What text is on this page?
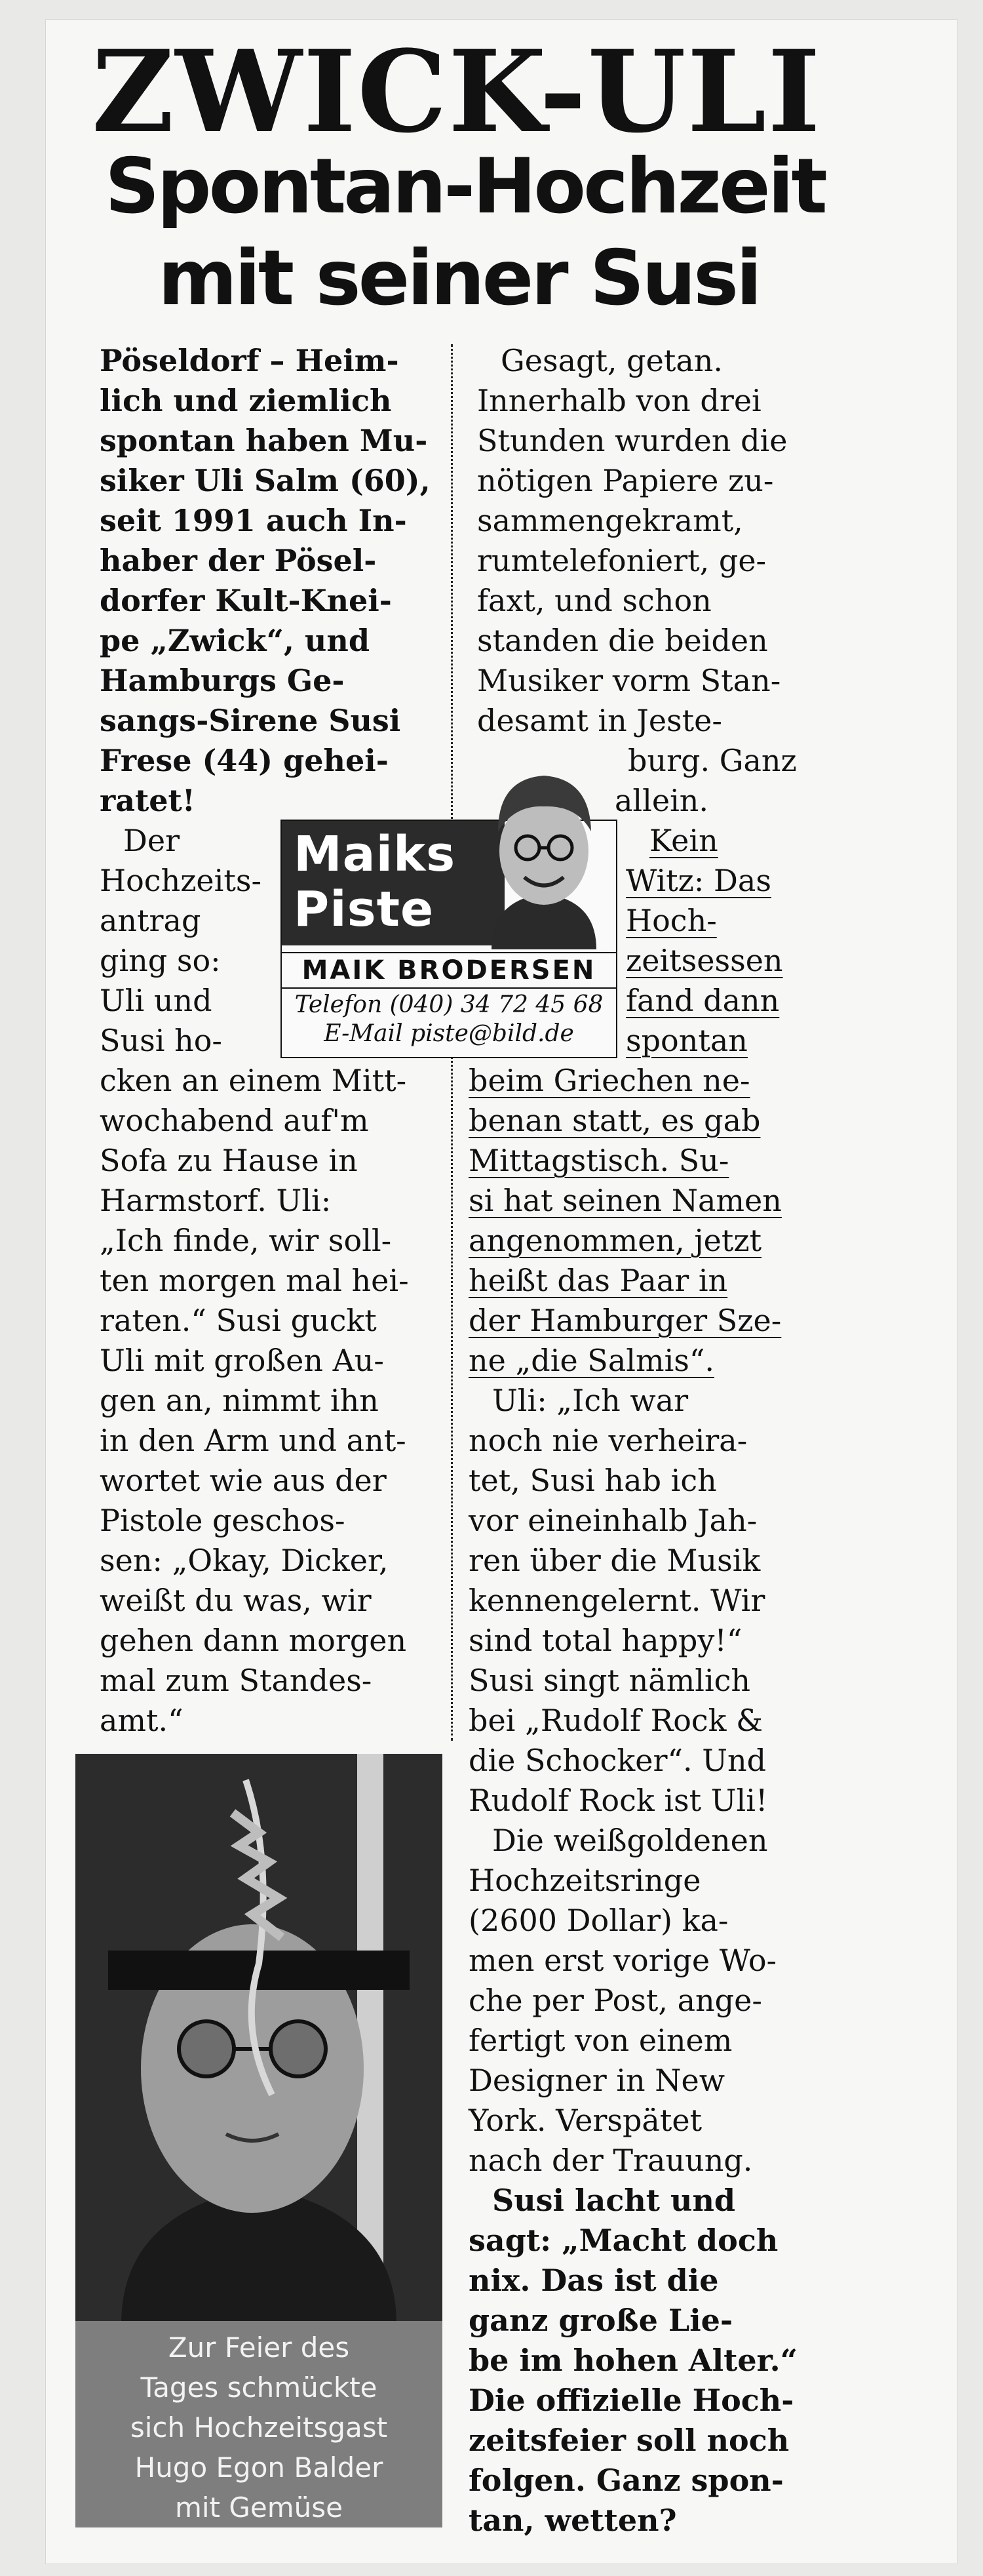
ZWICK-ULI
Spontan-Hochzeit
mit seiner Susi
Pöseldorf – Heim-
lich und ziemlich
spontan haben Mu-
siker Uli Salm (60),
seit 1991 auch In-
haber der Pösel-
dorfer Kult-Knei-
pe „Zwick“, und
Hamburgs Ge-
sangs-Sirene Susi
Frese (44) gehei-
ratet!
Der
Hochzeits-
antrag
ging so:
Uli und
Susi ho-
cken an einem Mitt-
wochabend auf'm
Sofa zu Hause in
Harmstorf. Uli:
„Ich finde, wir soll-
ten morgen mal hei-
raten.“ Susi guckt
Uli mit großen Au-
gen an, nimmt ihn
in den Arm und ant-
wortet wie aus der
Pistole geschos-
sen: „Okay, Dicker,
weißt du was, wir
gehen dann morgen
mal zum Standes-
amt.“
Gesagt, getan.
Innerhalb von drei
Stunden wurden die
nötigen Papiere zu-
sammengekramt,
rumtelefoniert, ge-
faxt, und schon
standen die beiden
Musiker vorm Stan-
desamt in Jeste-
burg. Ganz
allein.
Kein
Witz: Das
Hoch-
zeitsessen
fand dann
spontan
beim Griechen ne-
benan statt, es gab
Mittagstisch. Su-
si hat seinen Namen
angenommen, jetzt
heißt das Paar in
der Hamburger Sze-
ne „die Salmis“.
Uli: „Ich war
noch nie verheira-
tet, Susi hab ich
vor eineinhalb Jah-
ren über die Musik
kennengelernt. Wir
sind total happy!“
Susi singt nämlich
bei „Rudolf Rock &
die Schocker“. Und
Rudolf Rock ist Uli!
Die weißgoldenen
Hochzeitsringe
(2600 Dollar) ka-
men erst vorige Wo-
che per Post, ange-
fertigt von einem
Designer in New
York. Verspätet
nach der Trauung.
Susi lacht und
sagt: „Macht doch
nix. Das ist die
ganz große Lie-
be im hohen Alter.“
Die offizielle Hoch-
zeitsfeier soll noch
folgen. Ganz spon-
tan, wetten?
Maiks
Piste
MAIK BRODERSEN
Telefon (040) 34 72 45 68
E-Mail piste@bild.de
Zur Feier des
Tages schmückte
sich Hochzeitsgast
Hugo Egon Balder
mit Gemüse
